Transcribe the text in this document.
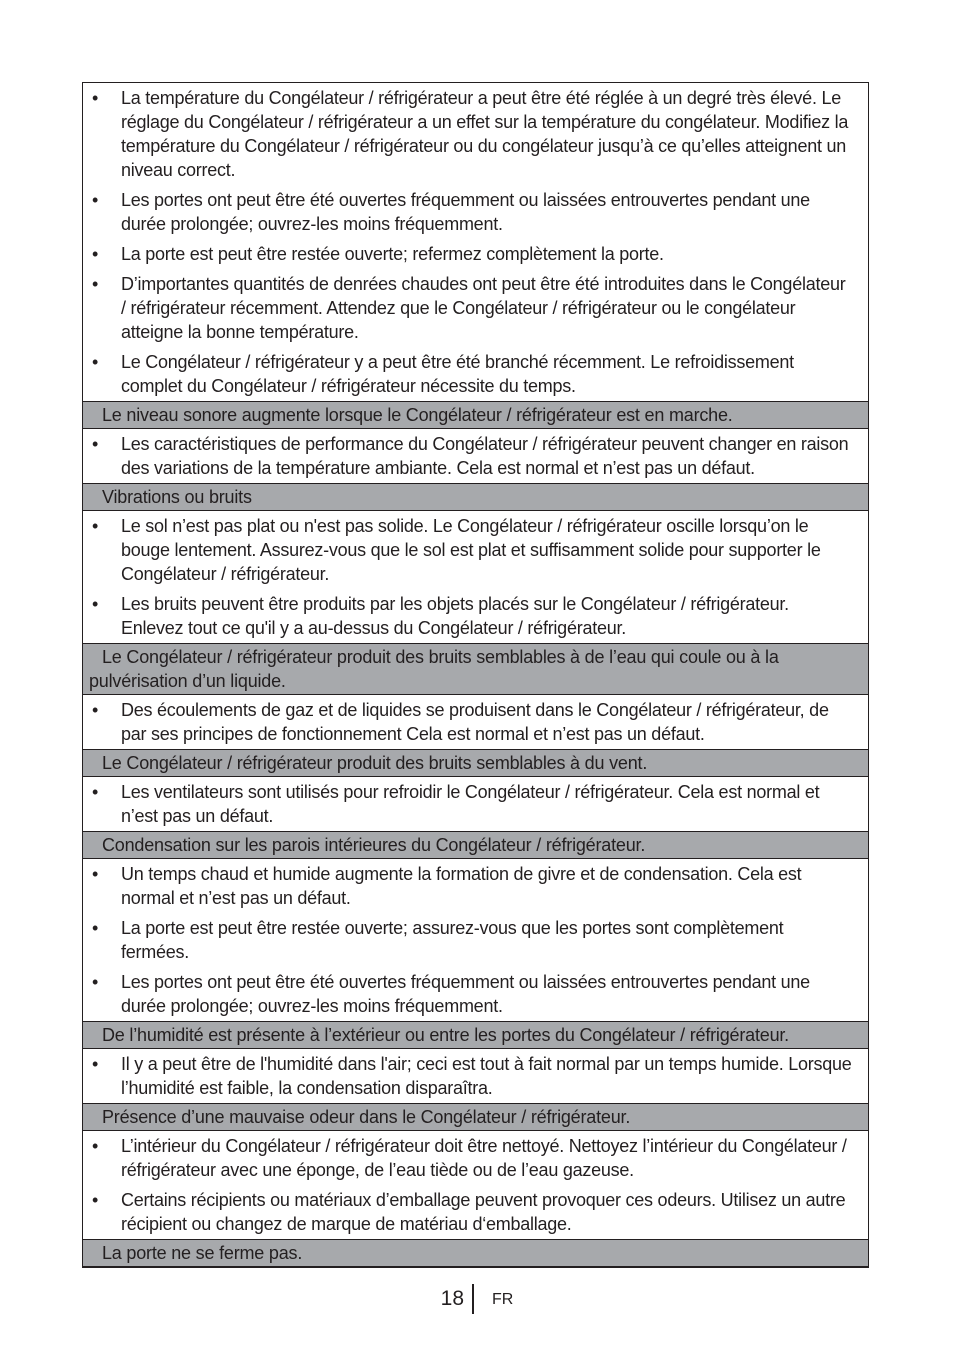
•	La température du Congélateur / réfrigérateur a peut être été réglée à un degré très élevé. Le réglage du Congélateur / réfrigérateur a un effet sur la température du congélateur. Modifiez la température du Congélateur / réfrigérateur ou du congélateur jusqu’à ce qu’elles atteignent un niveau correct.
•	Les portes ont peut être été ouvertes fréquemment ou laissées entrouvertes pendant une durée prolongée; ouvrez-les moins fréquemment.
•	La porte est peut être restée ouverte; refermez complètement la porte.
•	D’importantes quantités de denrées chaudes ont peut être été introduites dans le Congélateur / réfrigérateur récemment. Attendez que le Congélateur / réfrigérateur ou le congélateur atteigne la bonne température.
•	Le Congélateur / réfrigérateur y a peut être été branché récemment. Le refroidissement complet du Congélateur / réfrigérateur nécessite du temps.
Le niveau sonore augmente lorsque le Congélateur / réfrigérateur est en marche.
•	Les caractéristiques de performance du Congélateur / réfrigérateur peuvent changer en raison des variations de la température ambiante. Cela est normal et n’est pas un défaut.
Vibrations ou bruits
•	Le sol n’est pas plat ou n'est pas solide. Le Congélateur / réfrigérateur oscille lorsqu’on le bouge lentement. Assurez-vous que le sol est plat et suffisamment solide pour supporter le Congélateur / réfrigérateur.
•	Les bruits peuvent être produits par les objets placés sur le Congélateur / réfrigérateur. Enlevez tout ce qu'il y a au-dessus du Congélateur / réfrigérateur.
Le Congélateur / réfrigérateur produit des bruits semblables à de l’eau qui coule ou à la pulvérisation d’un liquide.
•	Des écoulements de gaz et de liquides se produisent dans le Congélateur / réfrigérateur, de par ses principes de fonctionnement Cela est normal et n’est pas un défaut.
Le Congélateur / réfrigérateur produit des bruits semblables à du vent.
•	Les ventilateurs sont utilisés pour refroidir le Congélateur / réfrigérateur. Cela est normal et n’est pas un défaut.
Condensation sur les parois intérieures du Congélateur / réfrigérateur.
•	Un temps chaud et humide augmente la formation de givre et de condensation. Cela est normal et n’est pas un défaut.
•	La porte est peut être restée ouverte; assurez-vous que les portes sont complètement fermées.
•	Les portes ont peut être été ouvertes fréquemment ou laissées entrouvertes pendant une durée prolongée; ouvrez-les moins fréquemment.
De l’humidité est présente à l’extérieur ou entre les portes du Congélateur / réfrigérateur.
•	Il y a peut être de l'humidité dans l'air; ceci est tout à fait normal par un temps humide. Lorsque l’humidité est faible, la condensation disparaîtra.
Présence d’une mauvaise odeur dans le Congélateur / réfrigérateur.
•	L’intérieur du Congélateur / réfrigérateur doit être nettoyé. Nettoyez l’intérieur du Congélateur / réfrigérateur avec une éponge, de l’eau tiède ou de l’eau gazeuse.
•	Certains récipients ou matériaux d’emballage peuvent provoquer ces odeurs. Utilisez un autre récipient ou changez de marque de matériau d‘emballage.
La porte ne se ferme pas.
18 FR
